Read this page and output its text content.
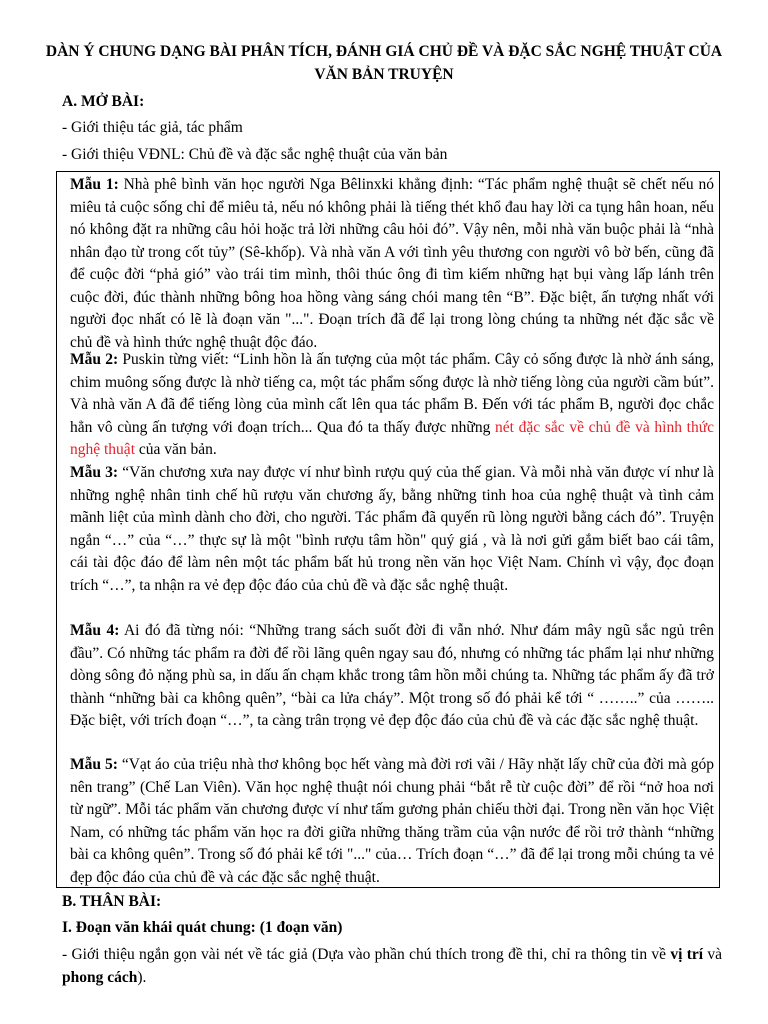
DÀN Ý CHUNG DẠNG BÀI PHÂN TÍCH, ĐÁNH GIÁ CHỦ ĐỀ VÀ ĐẶC SẮC NGHỆ THUẬT CỦA VĂN BẢN TRUYỆN
A. MỞ BÀI:
- Giới thiệu tác giả, tác phẩm
- Giới thiệu VĐNL: Chủ đề và đặc sắc nghệ thuật của văn bản

Mẫu 1: Nhà phê bình văn học người Nga Bêlinxki khẳng định: “Tác phẩm nghệ thuật sẽ chết nếu nó miêu tả cuộc sống chỉ để miêu tả, nếu nó không phải là tiếng thét khổ đau hay lời ca tụng hân hoan, nếu nó không đặt ra những câu hỏi hoặc trả lời những câu hỏi đó”. Vậy nên, mỗi nhà văn buộc phải là “nhà nhân đạo từ trong cốt tủy” (Sê-khốp). Và nhà văn A với tình yêu thương con người vô bờ bến, cũng đã để cuộc đời “phả gió” vào trái tim mình, thôi thúc ông đi tìm kiếm những hạt bụi vàng lấp lánh trên cuộc đời, đúc thành những bông hoa hồng vàng sáng chói mang tên “B”. Đặc biệt, ấn tượng nhất với người đọc nhất có lẽ là đoạn văn "...". Đoạn trích đã để lại trong lòng chúng ta những nét đặc sắc về chủ đề và hình thức nghệ thuật độc đáo.

Mẫu 2: Puskin từng viết: “Linh hồn là ấn tượng của một tác phẩm. Cây cỏ sống được là nhờ ánh sáng, chim muông sống được là nhờ tiếng ca, một tác phẩm sống được là nhờ tiếng lòng của người cầm bút”. Và nhà văn A đã để tiếng lòng của mình cất lên qua tác phẩm B. Đến với tác phẩm B, người đọc chắc hẳn vô cùng ấn tượng với đoạn trích... Qua đó ta thấy được những nét đặc sắc về chủ đề và hình thức nghệ thuật của văn bản.

Mẫu 3: “Văn chương xưa nay được ví như bình rượu quý của thế gian. Và mỗi nhà văn được ví như là những nghệ nhân tinh chế hũ rượu văn chương ấy, bằng những tinh hoa của nghệ thuật và tình cảm mãnh liệt của mình dành cho đời, cho người. Tác phẩm đã quyến rũ lòng người bằng cách đó”. Truyện ngắn “…” của “…” thực sự là một "bình rượu tâm hồn" quý giá , và là nơi gửi gắm biết bao cái tâm, cái tài độc đáo để làm nên một tác phẩm bất hủ trong nền văn học Việt Nam. Chính vì vậy, đọc đoạn trích “…”, ta nhận ra vẻ đẹp độc đáo của chủ đề và đặc sắc nghệ thuật.

Mẫu 4: Ai đó đã từng nói: “Những trang sách suốt đời đi vẫn nhớ. Như đám mây ngũ sắc ngủ trên đầu”. Có những tác phẩm ra đời để rồi lãng quên ngay sau đó, nhưng có những tác phẩm lại như những dòng sông đỏ nặng phù sa, in dấu ấn chạm khắc trong tâm hồn mỗi chúng ta. Những tác phẩm ấy đã trở thành “những bài ca không quên”, “bài ca lửa cháy”. Một trong số đó phải kể tới “ ……..” của …….. Đặc biệt, với trích đoạn “…”, ta càng trân trọng vẻ đẹp độc đáo của chủ đề và các đặc sắc nghệ thuật.

Mẫu 5: “Vạt áo của triệu nhà thơ không bọc hết vàng mà đời rơi vãi / Hãy nhặt lấy chữ của đời mà góp nên trang” (Chế Lan Viên). Văn học nghệ thuật nói chung phải “bắt rễ từ cuộc đời” để rồi “nở hoa nơi từ ngữ”. Mỗi tác phẩm văn chương được ví như tấm gương phản chiếu thời đại. Trong nền văn học Việt Nam, có những tác phẩm văn học ra đời giữa những thăng trầm của vận nước để rồi trở thành “những bài ca không quên”. Trong số đó phải kể tới "..." của… Trích đoạn “…” đã để lại trong mỗi chúng ta vẻ đẹp độc đáo của chủ đề và các đặc sắc nghệ thuật.

B. THÂN BÀI:
I. Đoạn văn khái quát chung: (1 đoạn văn)

- Giới thiệu ngắn gọn vài nét về tác giả (Dựa vào phần chú thích trong đề thi, chỉ ra thông tin về vị trí và phong cách).
